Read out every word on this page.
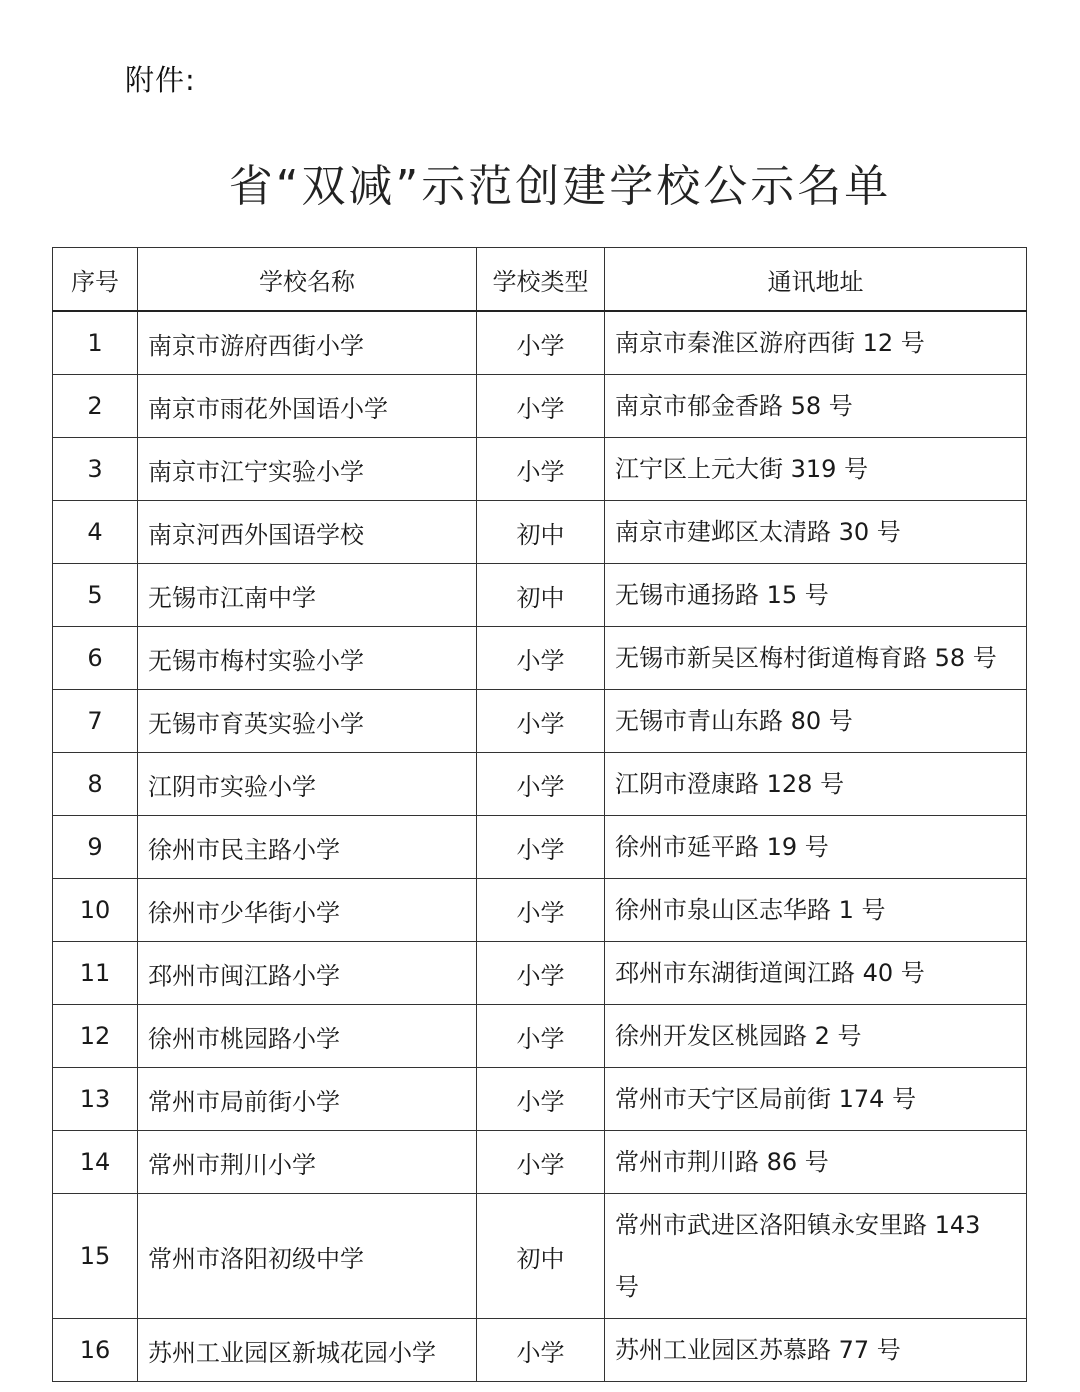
附件:
省“双减”示范创建学校公示名单
序号	学校名称	学校类型	通讯地址
1	南京市游府西街小学	小学	南京市秦淮区游府西街 12 号
2	南京市雨花外国语小学	小学	南京市郁金香路 58 号
3	南京市江宁实验小学	小学	江宁区上元大街 319 号
4	南京河西外国语学校	初中	南京市建邺区太清路 30 号
5	无锡市江南中学	初中	无锡市通扬路 15 号
6	无锡市梅村实验小学	小学	无锡市新吴区梅村街道梅育路 58 号
7	无锡市育英实验小学	小学	无锡市青山东路 80 号
8	江阴市实验小学	小学	江阴市澄康路 128 号
9	徐州市民主路小学	小学	徐州市延平路 19 号
10	徐州市少华街小学	小学	徐州市泉山区志华路 1 号
11	邳州市闽江路小学	小学	邳州市东湖街道闽江路 40 号
12	徐州市桃园路小学	小学	徐州开发区桃园路 2 号
13	常州市局前街小学	小学	常州市天宁区局前街 174 号
14	常州市荆川小学	小学	常州市荆川路 86 号
15	常州市洛阳初级中学	初中	常州市武进区洛阳镇永安里路 143 号
16	苏州工业园区新城花园小学	小学	苏州工业园区苏慕路 77 号
